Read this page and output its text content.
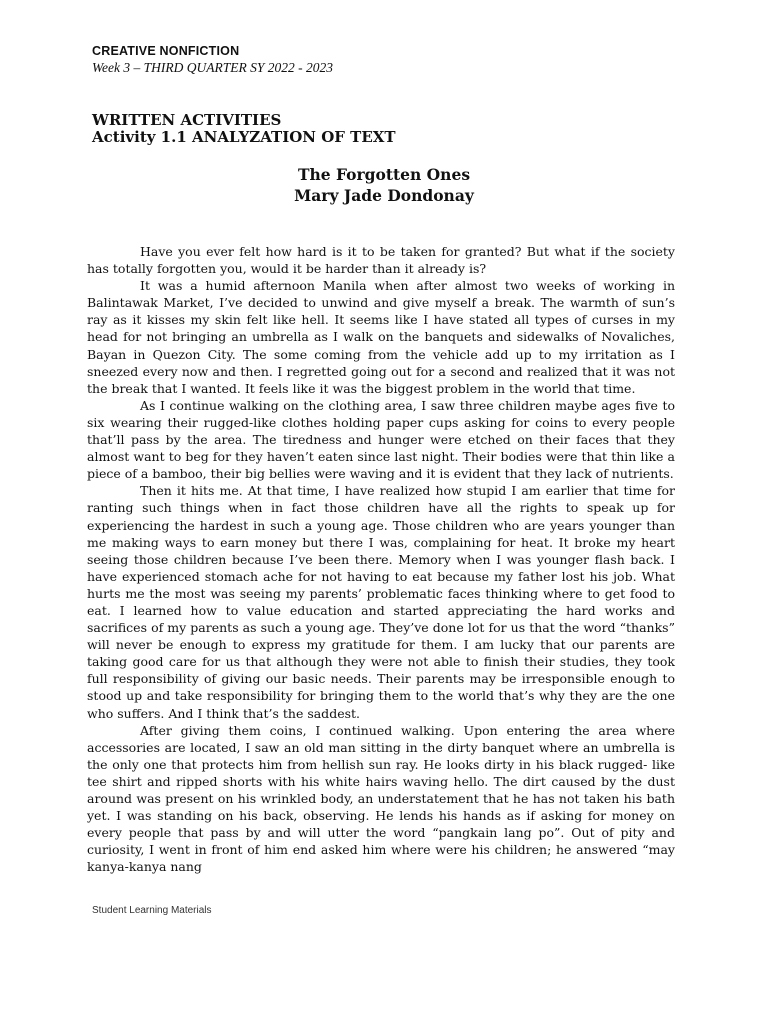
CREATIVE NONFICTION
Week 3 – THIRD QUARTER SY 2022 - 2023
WRITTEN ACTIVITIES
Activity 1.1 ANALYZATION OF TEXT
The Forgotten Ones
Mary Jade Dondonay

Have you ever felt how hard is it to be taken for granted? But what if the society has totally forgotten you, would it be harder than it already is?

It was a humid afternoon Manila when after almost two weeks of working in Balintawak Market, I’ve decided to unwind and give myself a break. The warmth of sun’s ray as it kisses my skin felt like hell. It seems like I have stated all types of curses in my head for not bringing an umbrella as I walk on the banquets and sidewalks of Novaliches, Bayan in Quezon City. The some coming from the vehicle add up to my irritation as I sneezed every now and then. I regretted going out for a second and realized that it was not the break that I wanted. It feels like it was the biggest problem in the world that time.

As I continue walking on the clothing area, I saw three children maybe ages five to six wearing their rugged-like clothes holding paper cups asking for coins to every people that’ll pass by the area. The tiredness and hunger were etched on their faces that they almost want to beg for they haven’t eaten since last night. Their bodies were that thin like a piece of a bamboo, their big bellies were waving and it is evident that they lack of nutrients.

Then it hits me. At that time, I have realized how stupid I am earlier that time for ranting such things when in fact those children have all the rights to speak up for experiencing the hardest in such a young age. Those children who are years younger than me making ways to earn money but there I was, complaining for heat. It broke my heart seeing those children because I’ve been there. Memory when I was younger flash back. I have experienced stomach ache for not having to eat because my father lost his job. What hurts me the most was seeing my parents’ problematic faces thinking where to get food to eat. I learned how to value education and started appreciating the hard works and sacrifices of my parents as such a young age. They’ve done lot for us that the word “thanks” will never be enough to express my gratitude for them. I am lucky that our parents are taking good care for us that although they were not able to finish their studies, they took full responsibility of giving our basic needs. Their parents may be irresponsible enough to stood up and take responsibility for bringing them to the world that’s why they are the one who suffers. And I think that’s the saddest.

After giving them coins, I continued walking. Upon entering the area where accessories are located, I saw an old man sitting in the dirty banquet where an umbrella is the only one that protects him from hellish sun ray. He looks dirty in his black rugged- like tee shirt and ripped shorts with his white hairs waving hello. The dirt caused by the dust around was present on his wrinkled body, an understatement that he has not taken his bath yet. I was standing on his back, observing. He lends his hands as if asking for money on every people that pass by and will utter the word “pangkain lang po”. Out of pity and curiosity, I went in front of him end asked him where were his children; he answered “may kanya-kanya nang

Student Learning Materials
